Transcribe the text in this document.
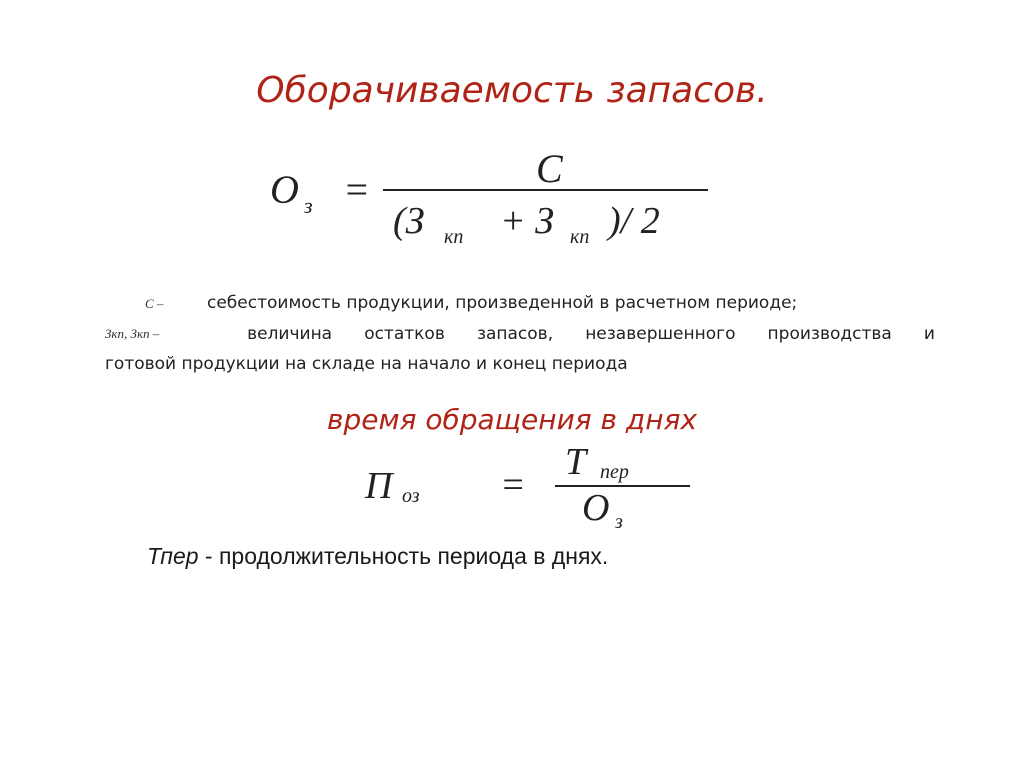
Оборачиваемость запасов.
О з =	С
(З кп + З кп )/ 2
С –	себестоимость продукции, произведенной в расчетном периоде;
Зкп, Зкп –	величина остатков запасов, незавершенного производства и
готовой продукции на складе на начало и конец периода
время обращения в днях
П оз =
Т пер
О з
Тпер - продолжительность периода в днях.
